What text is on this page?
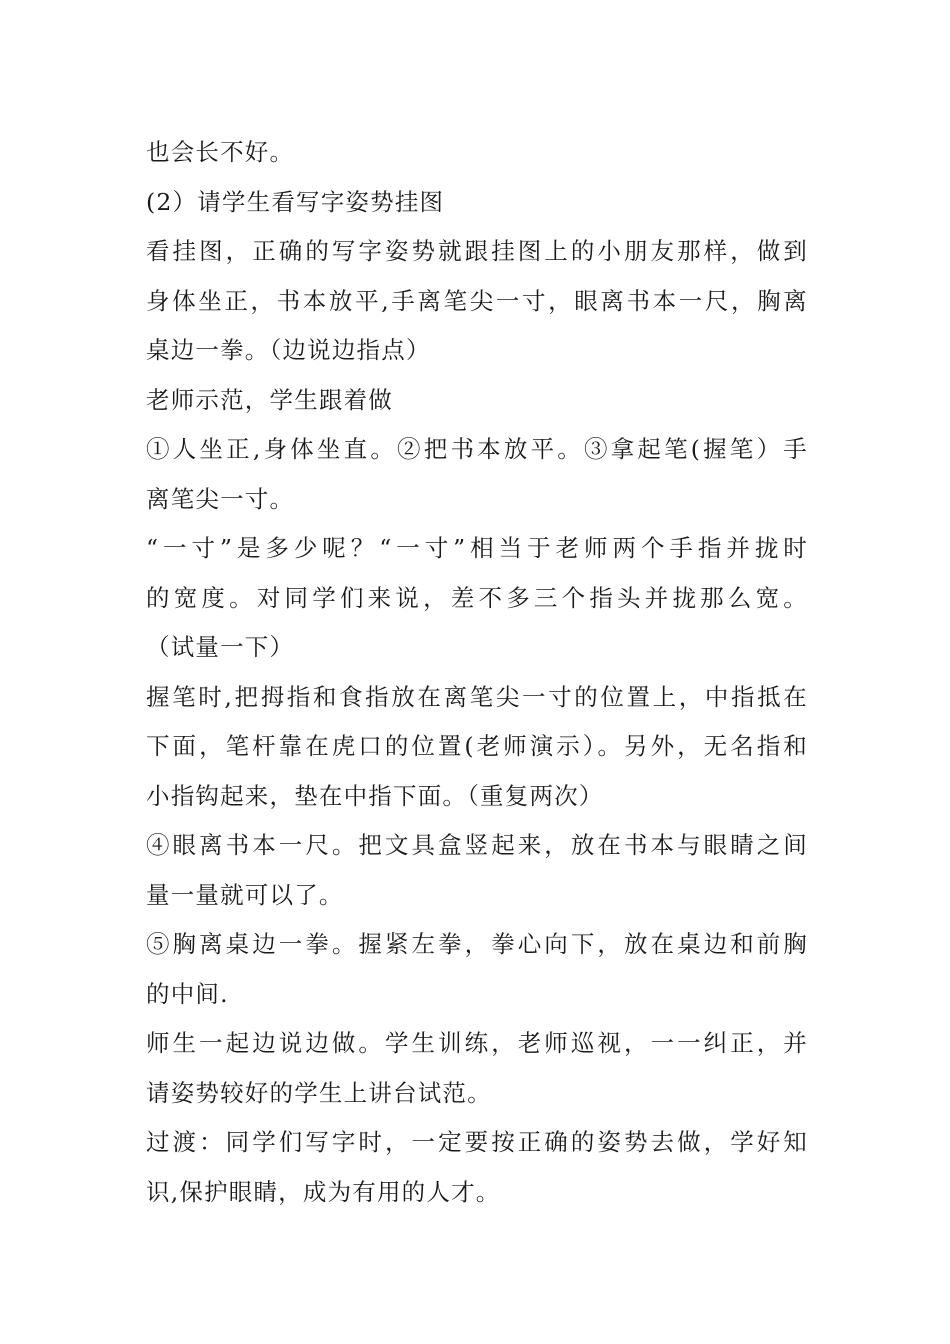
也会长不好。
(2）请学生看写字姿势挂图
看挂图，正确的写字姿势就跟挂图上的小朋友那样，做到
身体坐正，书本放平,手离笔尖一寸，眼离书本一尺，胸离
桌边一拳。（边说边指点）
老师示范，学生跟着做
①人坐正,身体坐直。②把书本放平。③拿起笔(握笔）手
离笔尖一寸。
“一寸”是多少呢？“一寸”相当于老师两个手指并拢时
的宽度。对同学们来说，差不多三个指头并拢那么宽。
（试量一下）
握笔时,把拇指和食指放在离笔尖一寸的位置上，中指抵在
下面，笔杆靠在虎口的位置(老师演示）。另外，无名指和
小指钩起来，垫在中指下面。（重复两次）
④眼离书本一尺。把文具盒竖起来，放在书本与眼睛之间
量一量就可以了。
⑤胸离桌边一拳。握紧左拳，拳心向下，放在桌边和前胸
的中间.
师生一起边说边做。学生训练，老师巡视，一一纠正，并
请姿势较好的学生上讲台试范。
过渡：同学们写字时，一定要按正确的姿势去做，学好知
识,保护眼睛，成为有用的人才。
